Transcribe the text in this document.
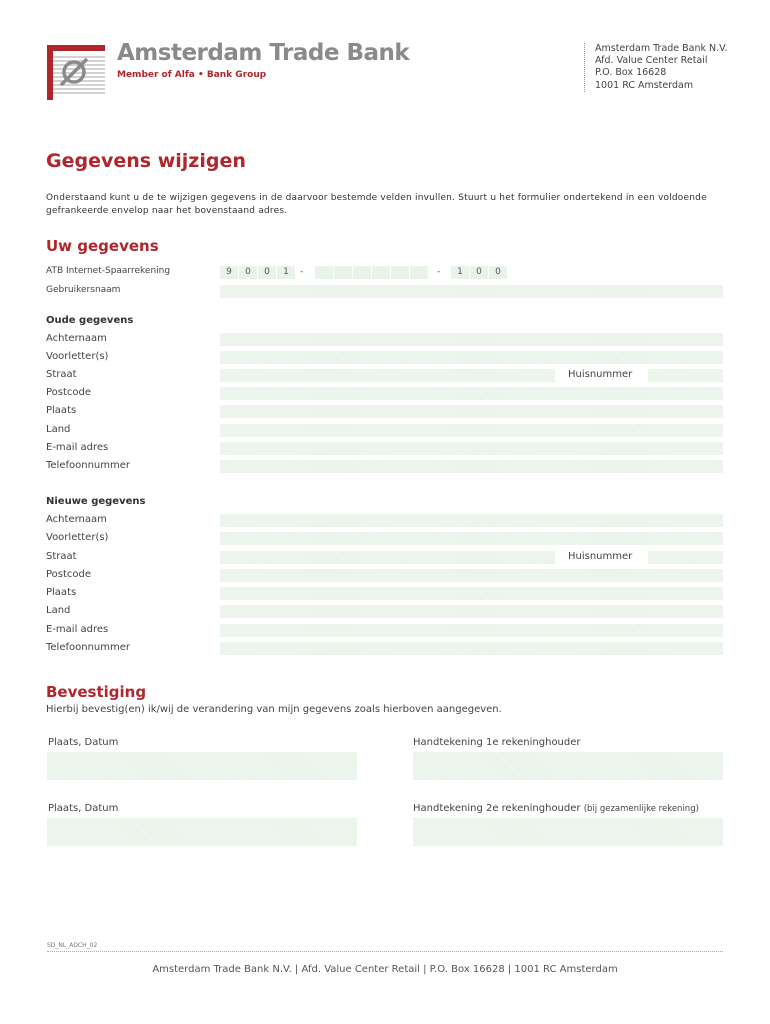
Amsterdam Trade Bank
Member of Alfa • Bank Group
Amsterdam Trade Bank N.V.
Afd. Value Center Retail
P.O. Box 16628
1001 RC Amsterdam
Gegevens wijzigen
Onderstaand kunt u de te wijzigen gegevens in de daarvoor bestemde velden invullen. Stuurt u het formulier ondertekend in een voldoende gefrankeerde envelop naar het bovenstaand adres.
Uw gegevens
ATB Internet-Spaarrekening	9	0	0	1	-	-	1	0	0
Gebruikersnaam
Oude gegevens
Achternaam
Voorletter(s)
Straat	Huisnummer
Postcode
Plaats
Land
E-mail adres
Telefoonnummer
Nieuwe gegevens
Achternaam
Voorletter(s)
Straat	Huisnummer
Postcode
Plaats
Land
E-mail adres
Telefoonnummer
Bevestiging
Hierbij bevestig(en) ik/wij de verandering van mijn gegevens zoals hierboven aangegeven.
Plaats, Datum	Handtekening 1e rekeninghouder
Plaats, Datum	Handtekening 2e rekeninghouder (bij gezamenlijke rekening)
SD_NL_ADCH_02
Amsterdam Trade Bank N.V. | Afd. Value Center Retail | P.O. Box 16628 | 1001 RC Amsterdam
